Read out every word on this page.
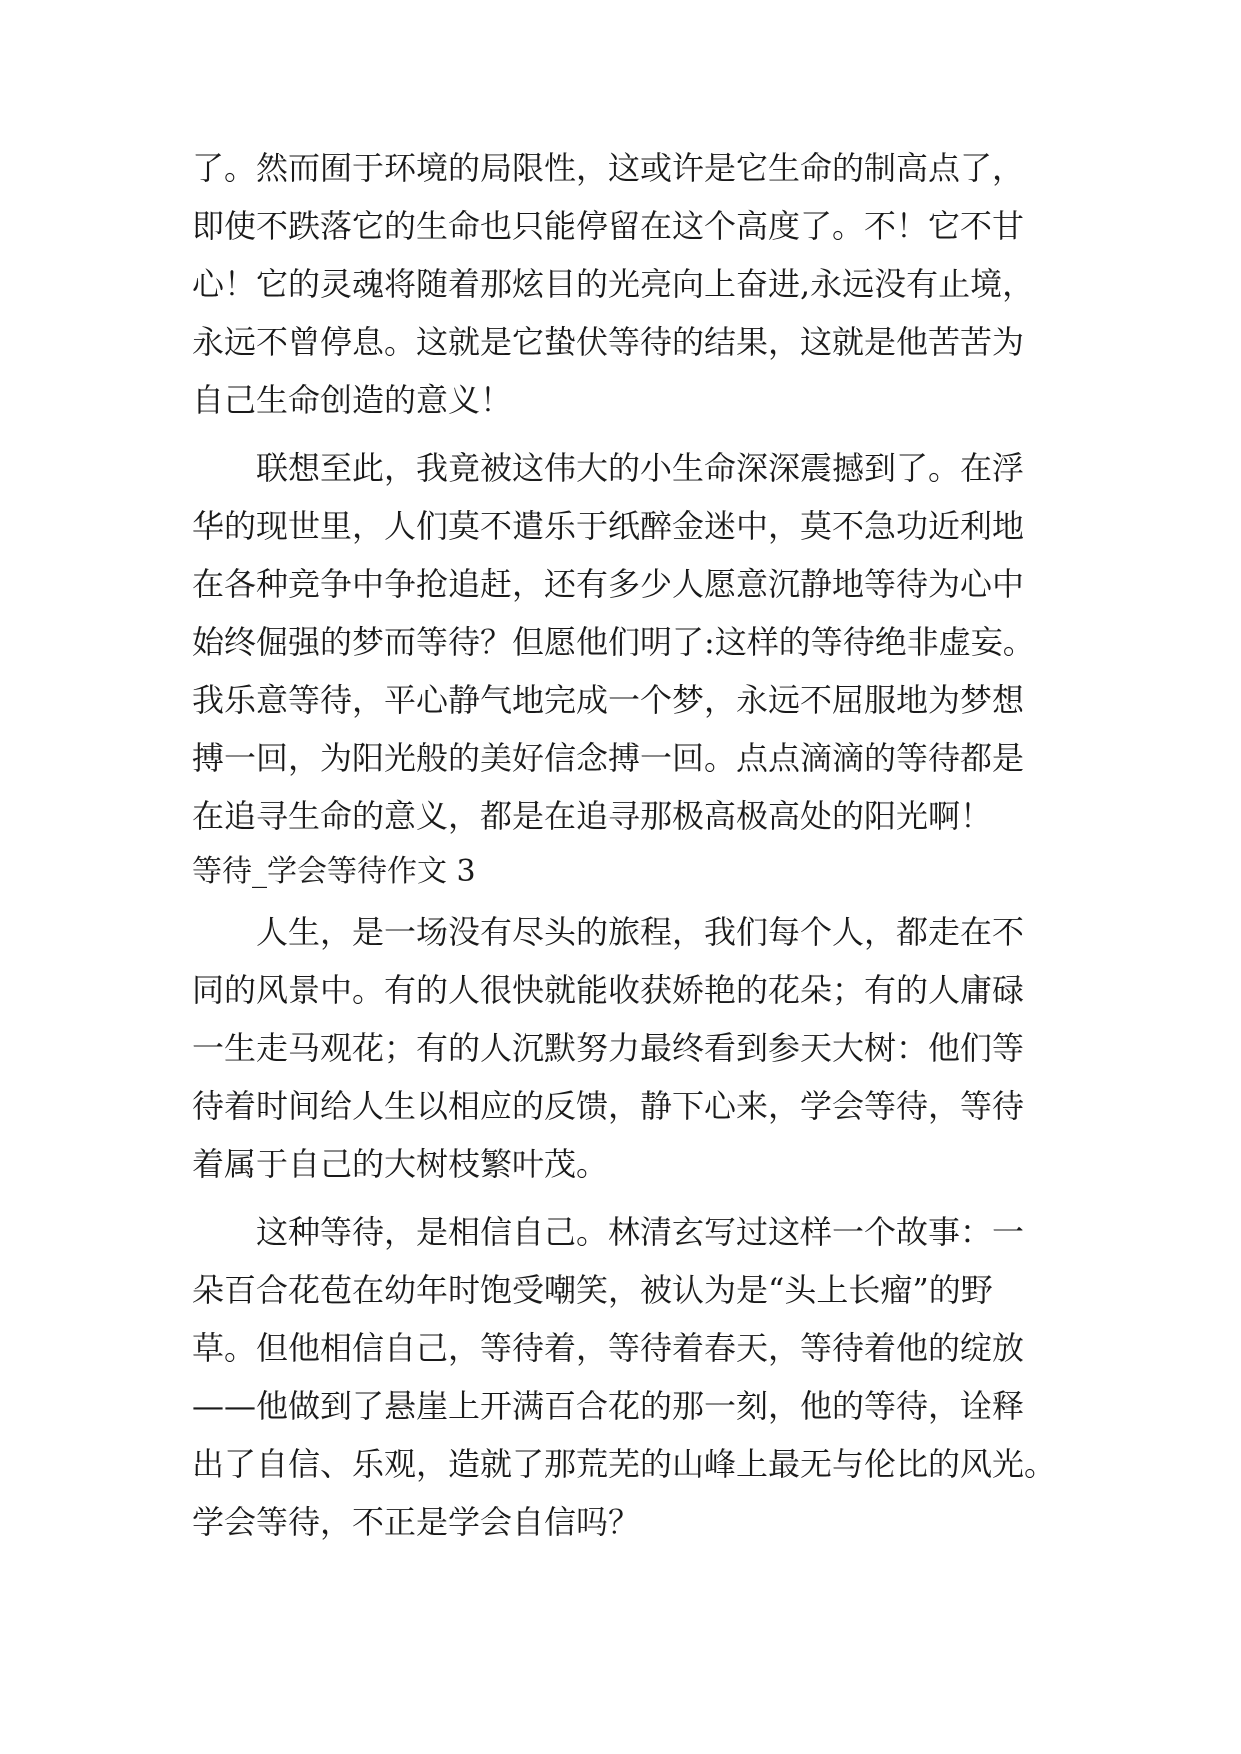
了。然而囿于环境的局限性，这或许是它生命的制高点了，
即使不跌落它的生命也只能停留在这个高度了。不！它不甘
心！它的灵魂将随着那炫目的光亮向上奋进,永远没有止境，
永远不曾停息。这就是它蛰伏等待的结果，这就是他苦苦为
自己生命创造的意义！
联想至此，我竟被这伟大的小生命深深震撼到了。在浮
华的现世里，人们莫不遣乐于纸醉金迷中，莫不急功近利地
在各种竞争中争抢追赶，还有多少人愿意沉静地等待为心中
始终倔强的梦而等待？但愿他们明了:这样的等待绝非虚妄。
我乐意等待，平心静气地完成一个梦，永远不屈服地为梦想
搏一回，为阳光般的美好信念搏一回。点点滴滴的等待都是
在追寻生命的意义，都是在追寻那极高极高处的阳光啊！
等待_学会等待作文 3
人生，是一场没有尽头的旅程，我们每个人，都走在不
同的风景中。有的人很快就能收获娇艳的花朵；有的人庸碌
一生走马观花；有的人沉默努力最终看到参天大树：他们等
待着时间给人生以相应的反馈，静下心来，学会等待，等待
着属于自己的大树枝繁叶茂。
这种等待，是相信自己。林清玄写过这样一个故事：一
朵百合花苞在幼年时饱受嘲笑，被认为是“头上长瘤”的野
草。但他相信自己，等待着，等待着春天，等待着他的绽放
——他做到了悬崖上开满百合花的那一刻，他的等待，诠释
出了自信、乐观，造就了那荒芜的山峰上最无与伦比的风光。
学会等待，不正是学会自信吗？
